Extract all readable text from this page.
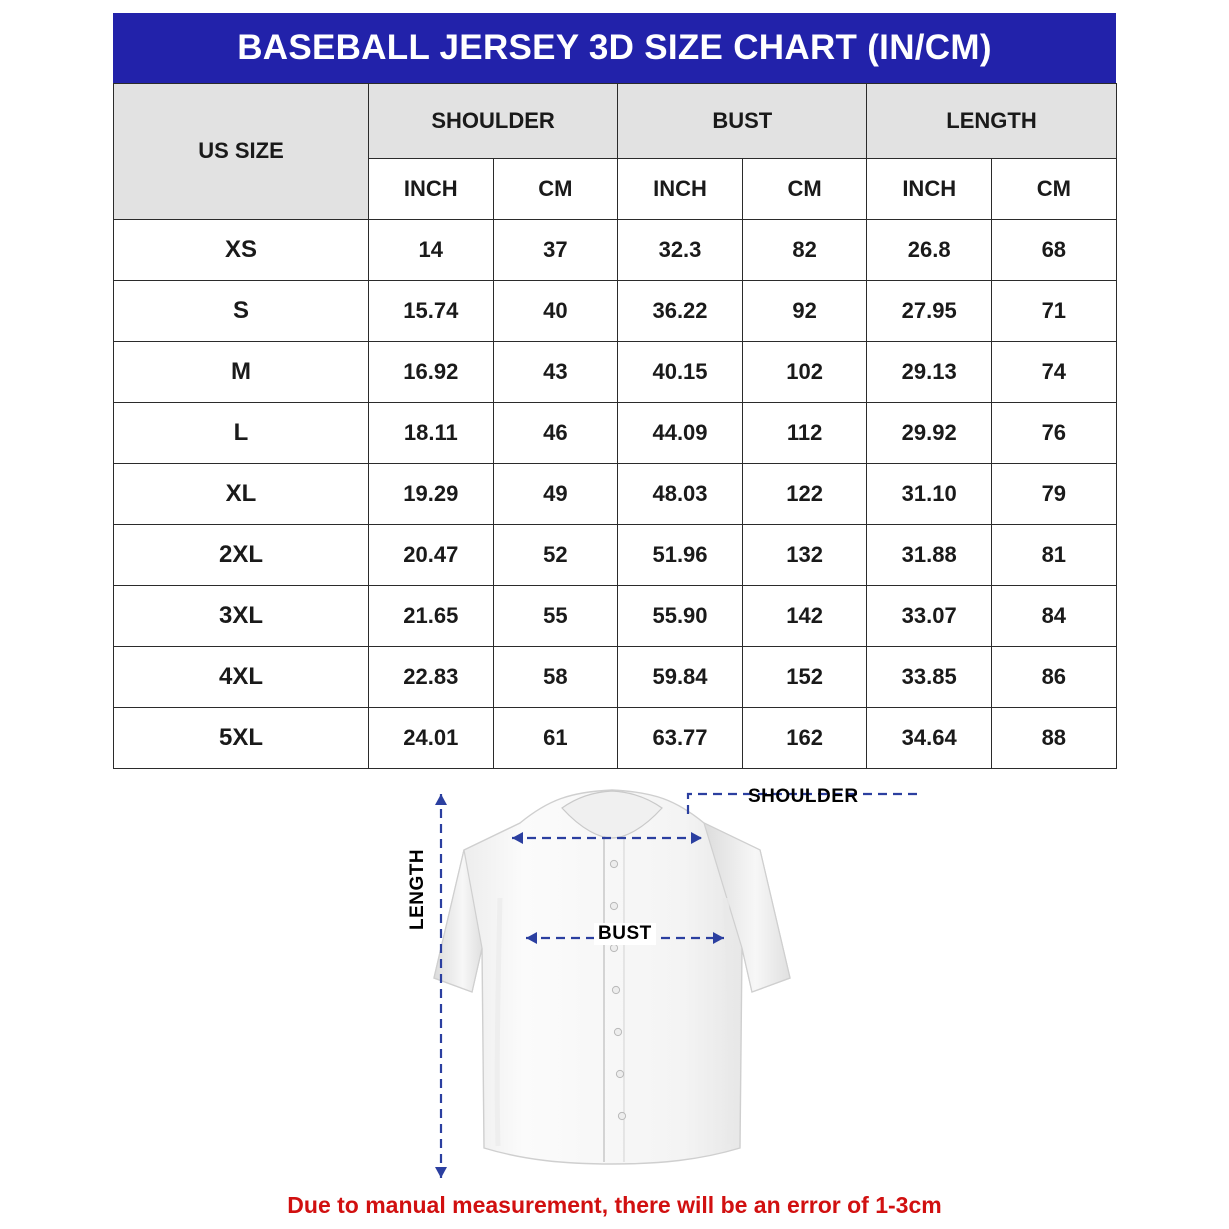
BASEBALL JERSEY 3D SIZE CHART (IN/CM)
US SIZE	SHOULDER		BUST		LENGTH	
	INCH	CM	INCH	CM	INCH	CM
XS	14	37	32.3	82	26.8	68
S	15.74	40	36.22	92	27.95	71
M	16.92	43	40.15	102	29.13	74
L	18.11	46	44.09	112	29.92	76
XL	19.29	49	48.03	122	31.10	79
2XL	20.47	52	51.96	132	31.88	81
3XL	21.65	55	55.90	142	33.07	84
4XL	22.83	58	59.84	152	33.85	86
5XL	24.01	61	63.77	162	34.64	88
SHOULDER
BUST
LENGTH
Due to manual measurement, there will be an error of 1-3cm
